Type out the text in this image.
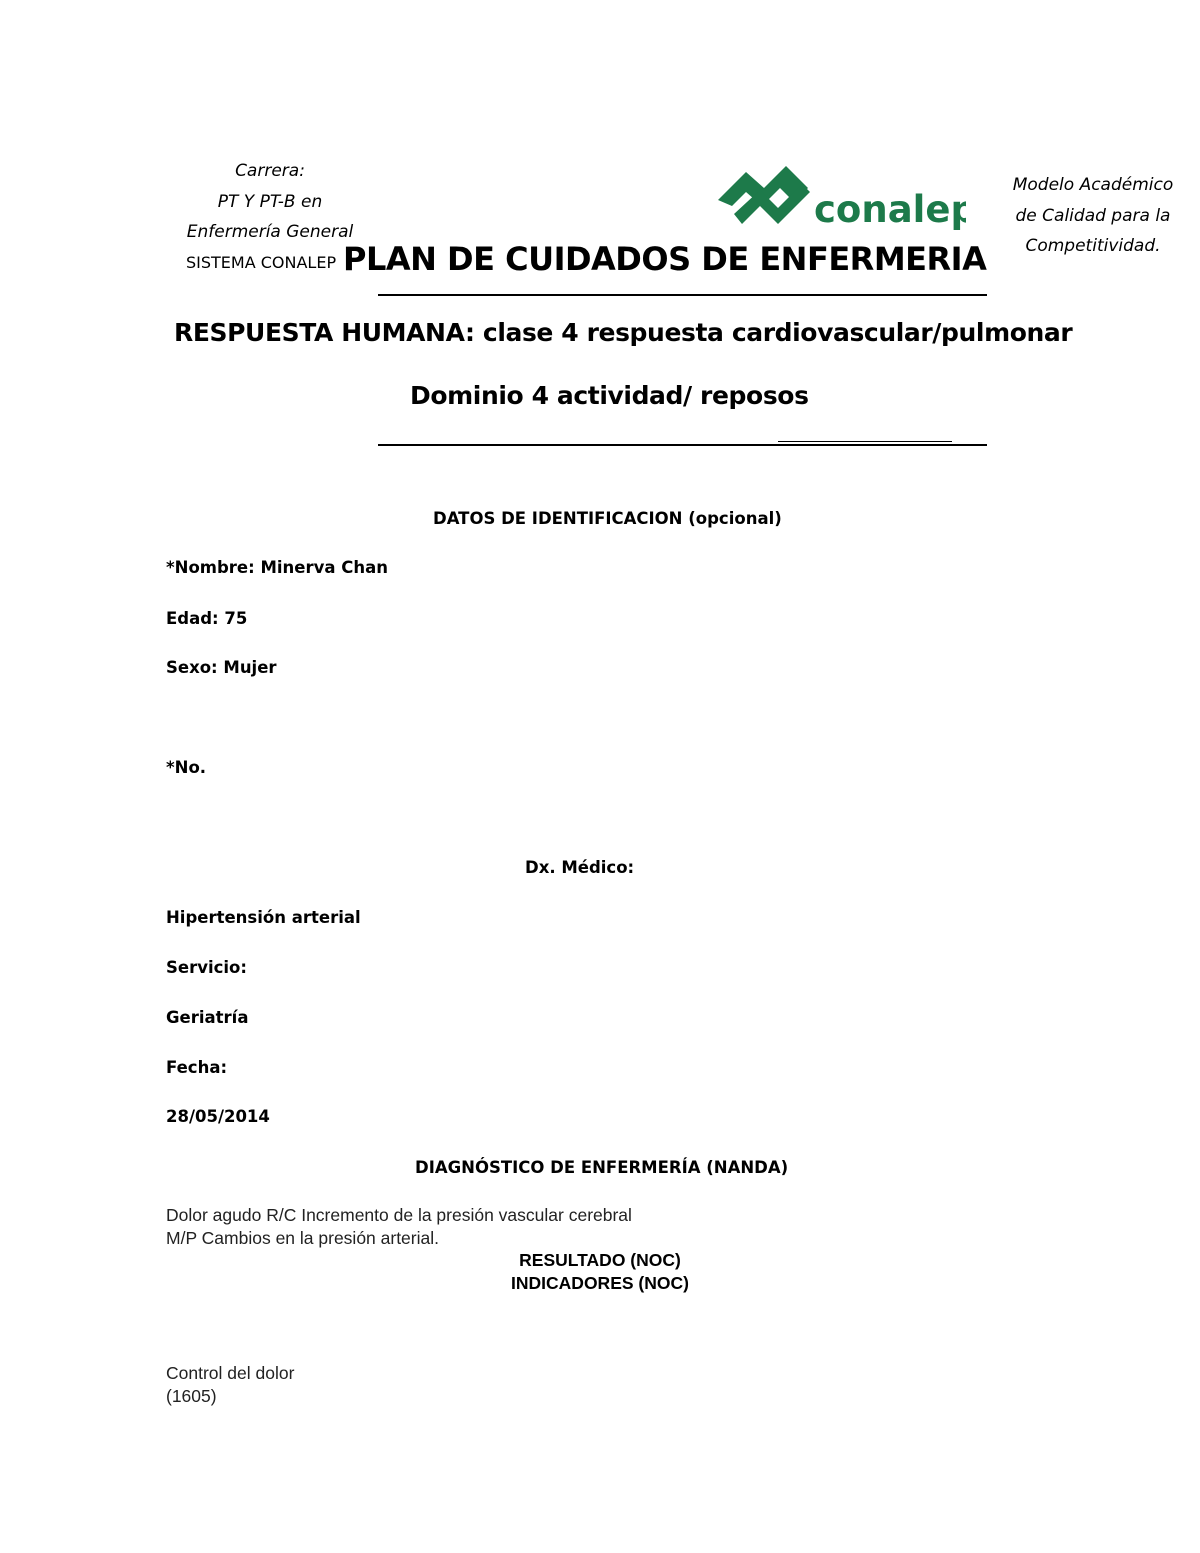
Carrera:
PT Y PT-B en
Enfermería General
SISTEMA CONALEP
conalep
Modelo Académico
de Calidad para la
Competitividad.
PLAN DE CUIDADOS DE ENFERMERIA
RESPUESTA HUMANA: clase 4 respuesta cardiovascular/pulmonar
Dominio 4 actividad/ reposos
DATOS DE IDENTIFICACION (opcional)
*Nombre: Minerva Chan
Edad: 75
Sexo: Mujer
*No.
Dx. Médico:
Hipertensión arterial
Servicio:
Geriatría
Fecha:
28/05/2014
DIAGNÓSTICO DE ENFERMERÍA (NANDA)
Dolor agudo R/C Incremento de la presión vascular cerebral
M/P Cambios en la presión arterial.
RESULTADO (NOC)
INDICADORES (NOC)
Control del dolor
(1605)
